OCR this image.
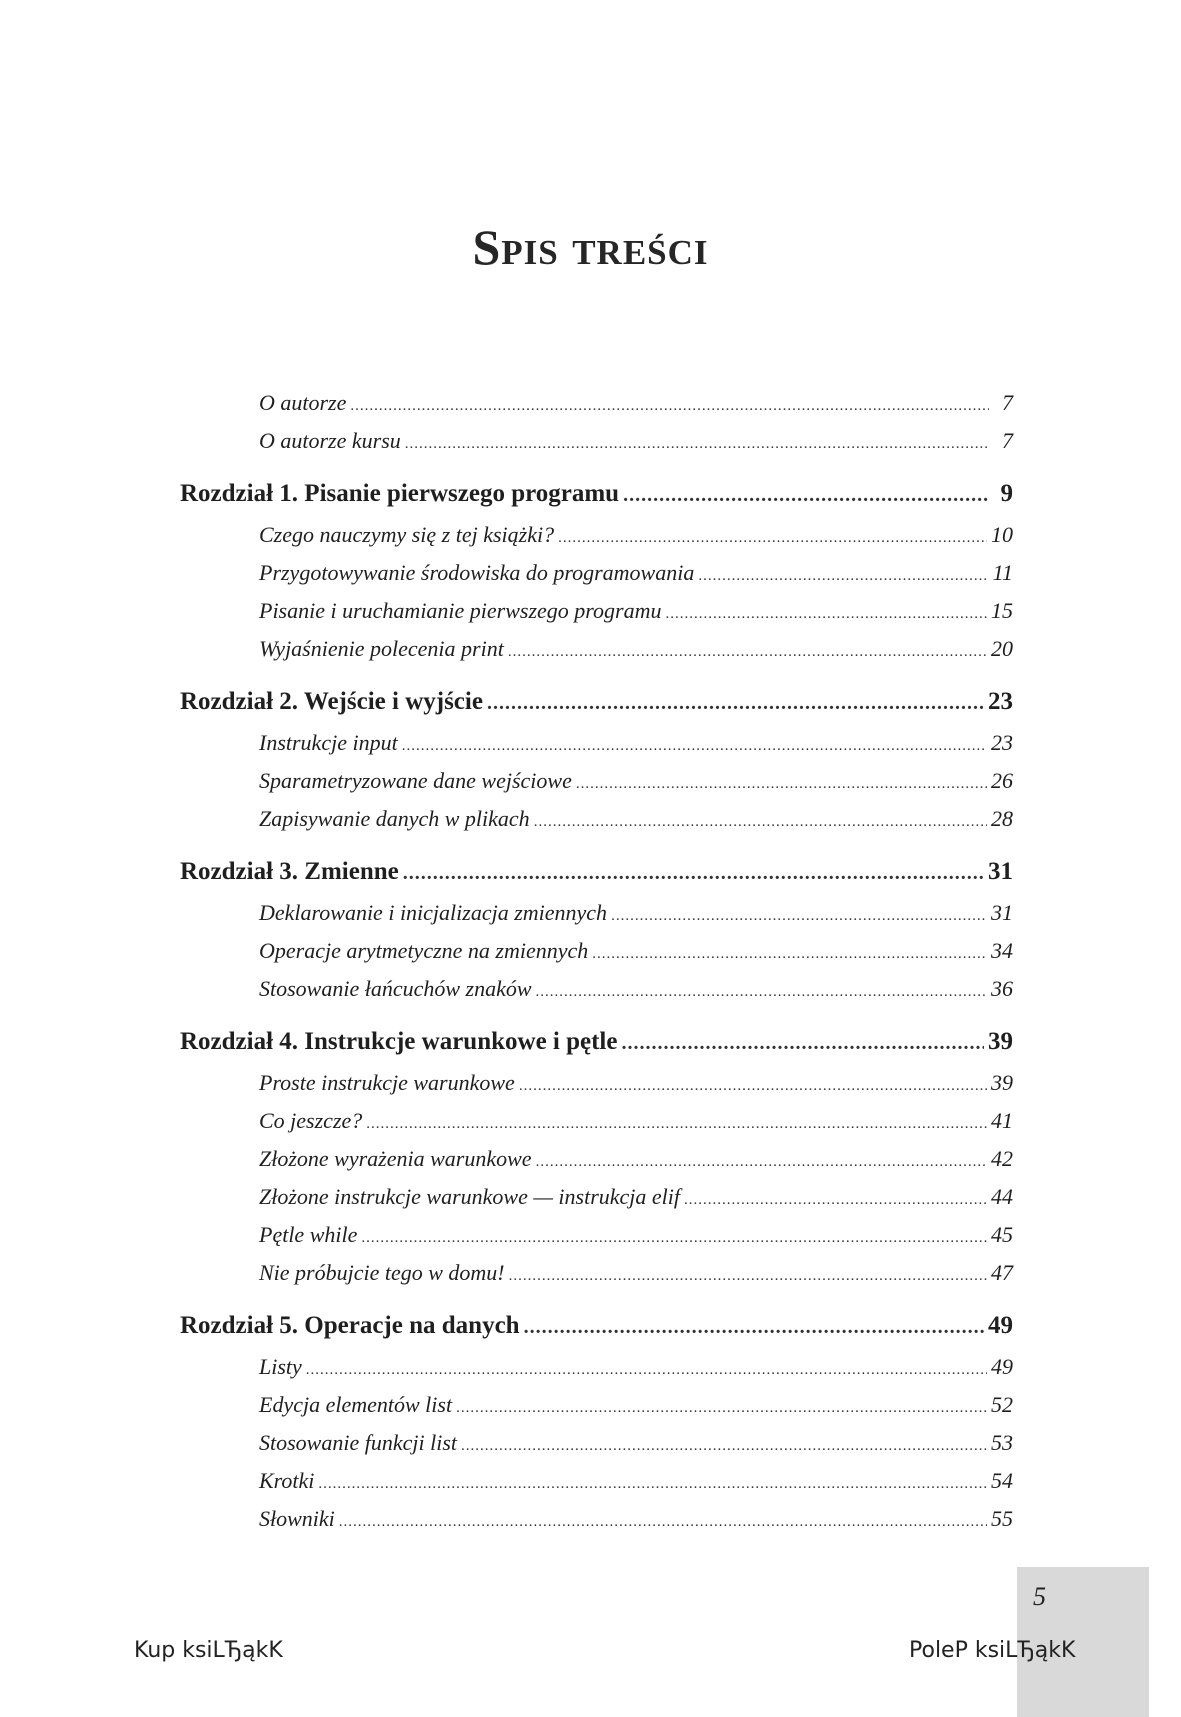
Spis treści
O autorze .....	7
O autorze kursu .....	7
Rozdział 1. Pisanie pierwszego programu .....	9
Czego nauczymy się z tej książki? .....	10
Przygotowywanie środowiska do programowania .....	11
Pisanie i uruchamianie pierwszego programu .....	15
Wyjaśnienie polecenia print .....	20
Rozdział 2. Wejście i wyjście .....	23
Instrukcje input .....	23
Sparametryzowane dane wejściowe .....	26
Zapisywanie danych w plikach .....	28
Rozdział 3. Zmienne .....	31
Deklarowanie i inicjalizacja zmiennych .....	31
Operacje arytmetyczne na zmiennych .....	34
Stosowanie łańcuchów znaków .....	36
Rozdział 4. Instrukcje warunkowe i pętle .....	39
Proste instrukcje warunkowe .....	39
Co jeszcze? .....	41
Złożone wyrażenia warunkowe .....	42
Złożone instrukcje warunkowe — instrukcja elif .....	44
Pętle while .....	45
Nie próbujcie tego w domu! .....	47
Rozdział 5. Operacje na danych .....	49
Listy .....	49
Edycja elementów list .....	52
Stosowanie funkcji list .....	53
Krotki .....	54
Słowniki .....	55
5
Kup ksiLЂąkK	PoleP ksiLЂąkK
